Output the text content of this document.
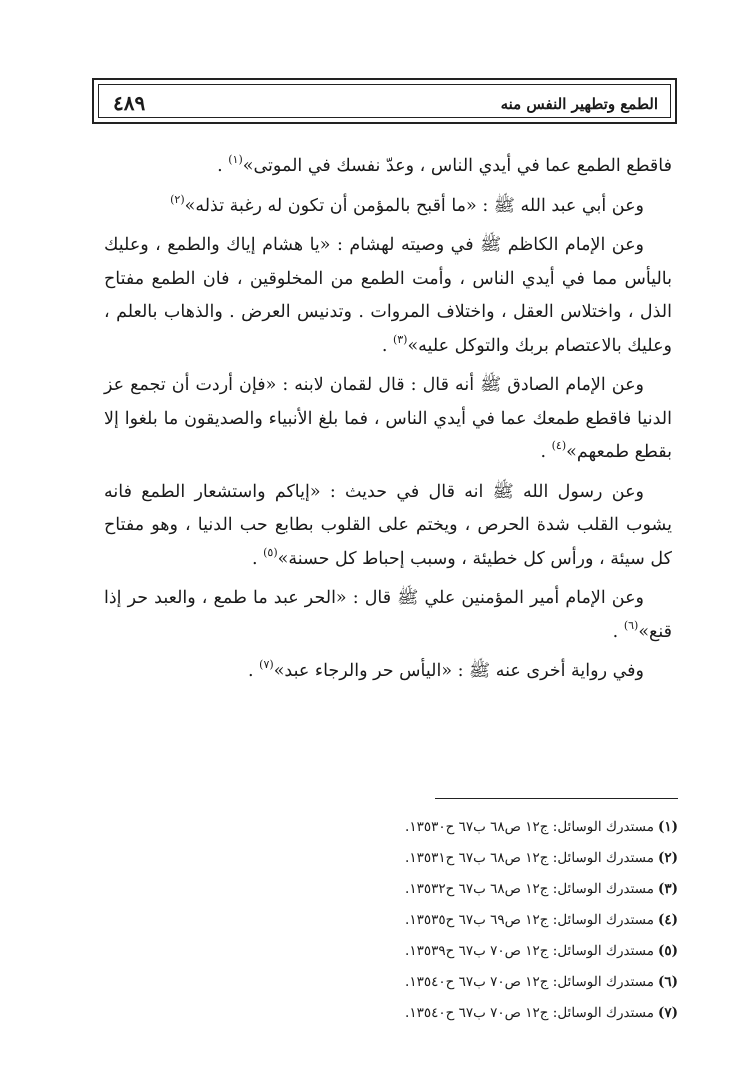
الطمع وتطهير النفس منه
٤٨٩

فاقطع الطمع عما في أيدي الناس ، وعدّ نفسك في الموتى»$^{(١)}$ .

وعن أبي عبد الله ﷺ : «ما أقبح بالمؤمن أن تكون له رغبة تذله»$^{(٢)}$

وعن الإمام الكاظم ﷺ في وصيته لهشام : «يا هشام إياك والطمع ، وعليك باليأس مما في أيدي الناس ، وأمت الطمع من المخلوقين ، فان الطمع مفتاح الذل ، واختلاس العقل ، واختلاف المروات . وتدنيس العرض . والذهاب بالعلم ، وعليك بالاعتصام بربك والتوكل عليه»$^{(٣)}$ .

وعن الإمام الصادق ﷺ أنه قال : قال لقمان لابنه : «فإن أردت أن تجمع عز الدنيا فاقطع طمعك عما في أيدي الناس ، فما بلغ الأنبياء والصديقون ما بلغوا إلا بقطع طمعهم»$^{(٤)}$ .

وعن رسول الله ﷺ انه قال في حديث : «إياكم واستشعار الطمع فانه يشوب القلب شدة الحرص ، ويختم على القلوب بطابع حب الدنيا ، وهو مفتاح كل سيئة ، ورأس كل خطيئة ، وسبب إحباط كل حسنة»$^{(٥)}$ .

وعن الإمام أمير المؤمنين علي ﷺ قال : «الحر عبد ما طمع ، والعبد حر إذا قنع»$^{(٦)}$ .

وفي رواية أخرى عنه ﷺ : «اليأس حر والرجاء عبد»$^{(٧)}$ .

(١)مستدرك الوسائل: ج١٢ ص٦٨ ب٦٧ ح١٣٥٣٠.
(٢)مستدرك الوسائل: ج١٢ ص٦٨ ب٦٧ ح١٣٥٣١.
(٣)مستدرك الوسائل: ج١٢ ص٦٨ ب٦٧ ح١٣٥٣٢.
(٤)مستدرك الوسائل: ج١٢ ص٦٩ ب٦٧ ح١٣٥٣٥.
(٥)مستدرك الوسائل: ج١٢ ص٧٠ ب٦٧ ح١٣٥٣٩.
(٦)مستدرك الوسائل: ج١٢ ص٧٠ ب٦٧ ح١٣٥٤٠.
(٧)مستدرك الوسائل: ج١٢ ص٧٠ ب٦٧ ح١٣٥٤٠.
